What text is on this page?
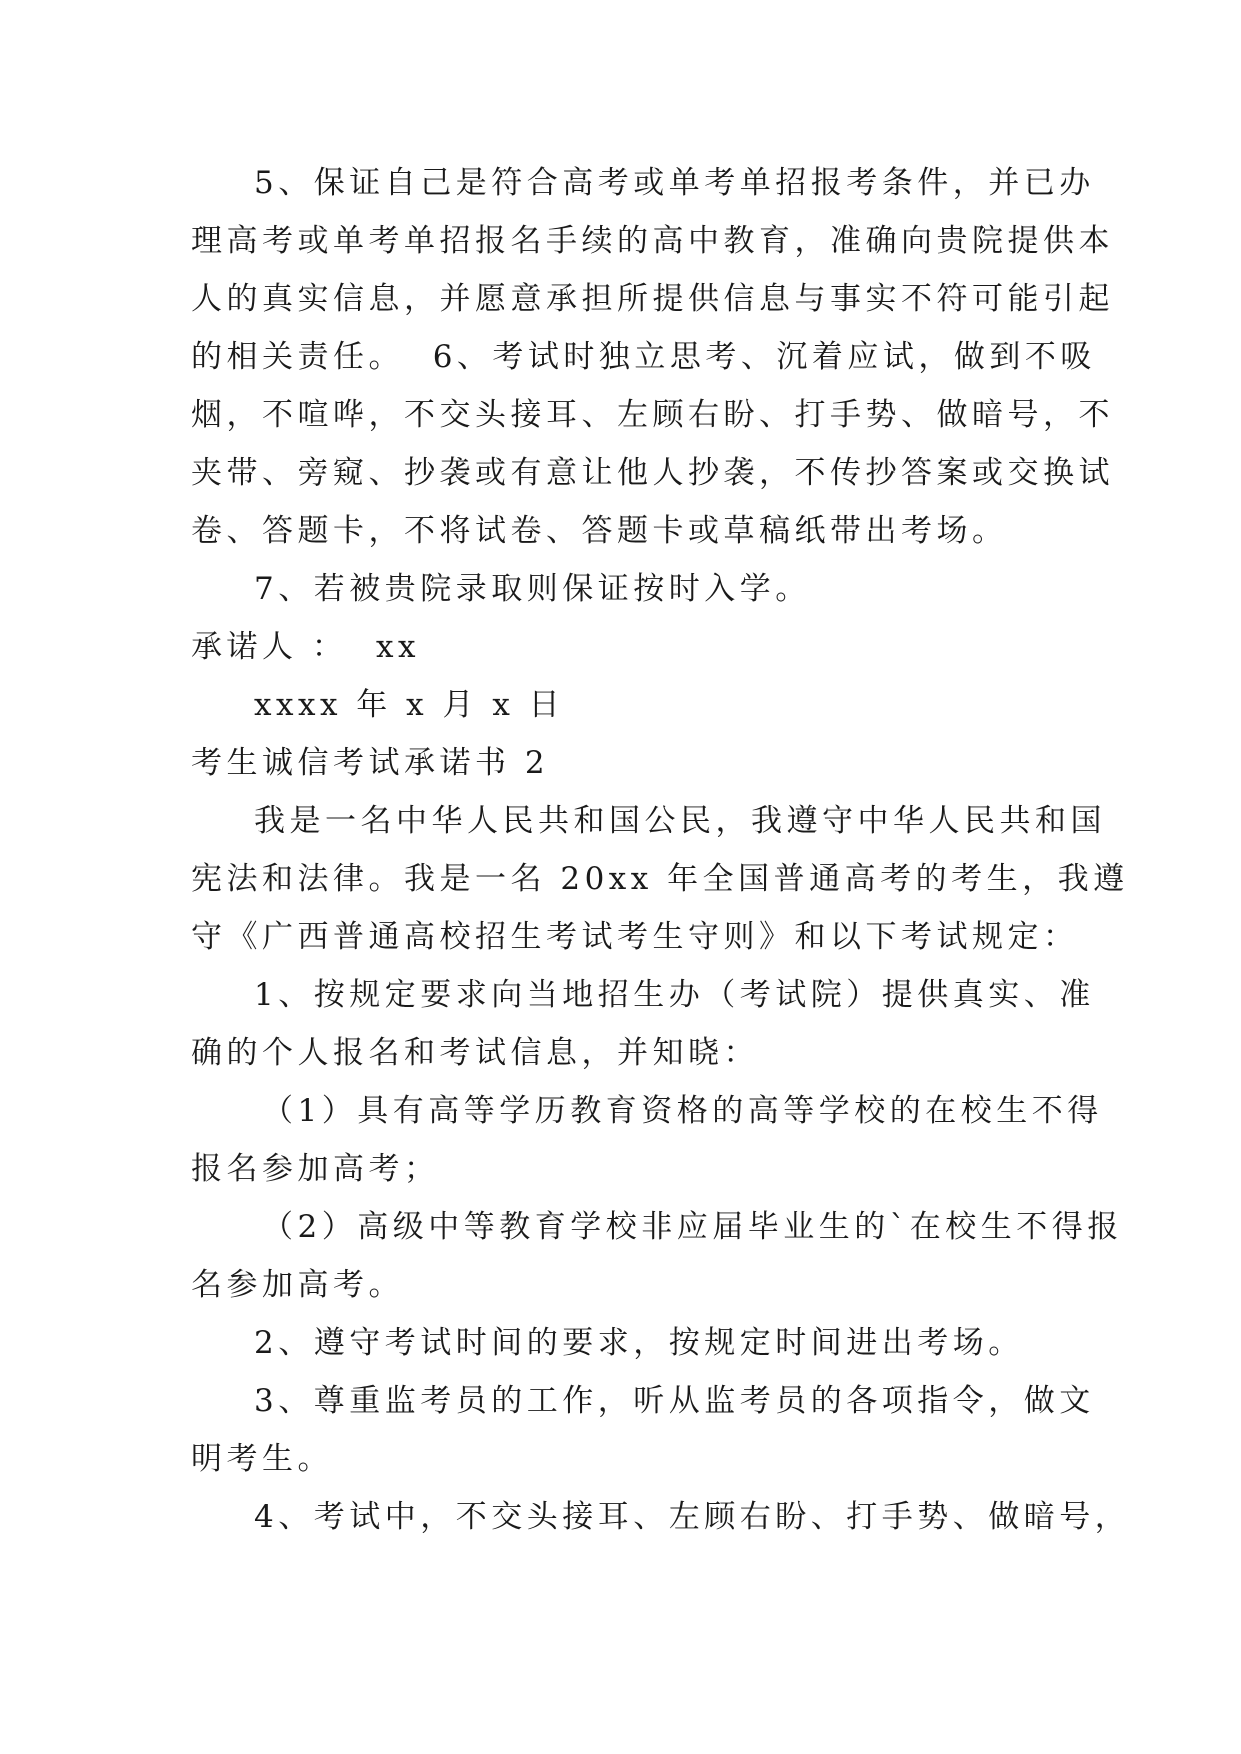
5、保证自己是符合高考或单考单招报考条件，并已办
理高考或单考单招报名手续的高中教育，准确向贵院提供本
人的真实信息，并愿意承担所提供信息与事实不符可能引起
的相关责任。  6、考试时独立思考、沉着应试，做到不吸
烟，不喧哗，不交头接耳、左顾右盼、打手势、做暗号，不
夹带、旁窥、抄袭或有意让他人抄袭，不传抄答案或交换试
卷、答题卡，不将试卷、答题卡或草稿纸带出考场。
7、若被贵院录取则保证按时入学。
承诺人 ：  xx
xxxx 年 x 月 x 日
考生诚信考试承诺书 2
我是一名中华人民共和国公民，我遵守中华人民共和国
宪法和法律。我是一名 20xx 年全国普通高考的考生，我遵
守《广西普通高校招生考试考生守则》和以下考试规定：
1、按规定要求向当地招生办（考试院）提供真实、准
确的个人报名和考试信息，并知晓：
（1）具有高等学历教育资格的高等学校的在校生不得
报名参加高考；
（2）高级中等教育学校非应届毕业生的`在校生不得报
名参加高考。
2、遵守考试时间的要求，按规定时间进出考场。
3、尊重监考员的工作，听从监考员的各项指令，做文
明考生。
4、考试中，不交头接耳、左顾右盼、打手势、做暗号，
